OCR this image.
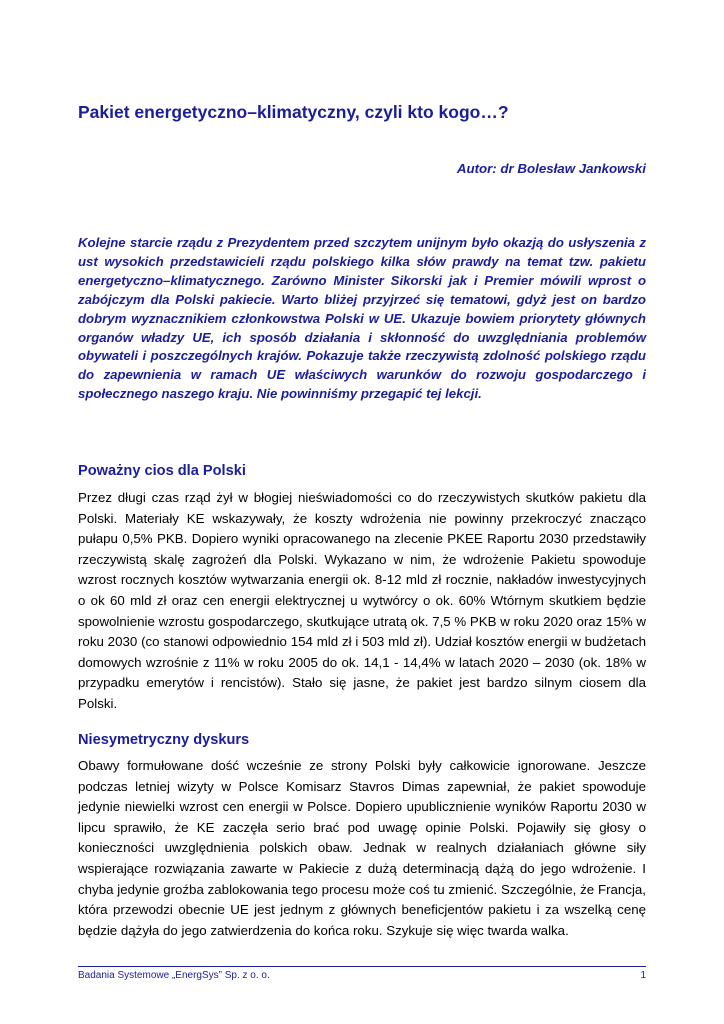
Pakiet energetyczno–klimatyczny, czyli kto kogo…?

Autor: dr Bolesław Jankowski

Kolejne starcie rządu z Prezydentem przed szczytem unijnym było okazją do usłyszenia z ust wysokich przedstawicieli rządu polskiego kilka słów prawdy na temat tzw. pakietu energetyczno–klimatycznego. Zarówno Minister Sikorski jak i Premier mówili wprost o zabójczym dla Polski pakiecie. Warto bliżej przyjrzeć się tematowi, gdyż jest on bardzo dobrym wyznacznikiem członkowstwa Polski w UE. Ukazuje bowiem priorytety głównych organów władzy UE, ich sposób działania i skłonność do uwzględniania problemów obywateli i poszczególnych krajów. Pokazuje także rzeczywistą zdolność polskiego rządu do zapewnienia w ramach UE właściwych warunków do rozwoju gospodarczego i społecznego naszego kraju. Nie powinniśmy przegapić tej lekcji.

Poważny cios dla Polski

Przez długi czas rząd żył w błogiej nieświadomości co do rzeczywistych skutków pakietu dla Polski. Materiały KE wskazywały, że koszty wdrożenia nie powinny przekroczyć znacząco pułapu 0,5% PKB. Dopiero wyniki opracowanego na zlecenie PKEE Raportu 2030 przedstawiły rzeczywistą skalę zagrożeń dla Polski. Wykazano w nim, że wdrożenie Pakietu spowoduje wzrost rocznych kosztów wytwarzania energii ok. 8-12 mld zł rocznie, nakładów inwestycyjnych o ok 60 mld zł oraz cen energii elektrycznej u wytwórcy o ok. 60% Wtórnym skutkiem będzie spowolnienie wzrostu gospodarczego, skutkujące utratą ok. 7,5 % PKB w roku 2020 oraz 15% w roku 2030 (co stanowi odpowiednio 154 mld zł i 503 mld zł). Udział kosztów energii w budżetach domowych wzrośnie z 11% w roku 2005 do ok. 14,1 - 14,4% w latach 2020 – 2030 (ok. 18% w przypadku emerytów i rencistów). Stało się jasne, że pakiet jest bardzo silnym ciosem dla Polski.

Niesymetryczny dyskurs

Obawy formułowane dość wcześnie ze strony Polski były całkowicie ignorowane. Jeszcze podczas letniej wizyty w Polsce Komisarz Stavros Dimas zapewniał, że pakiet spowoduje jedynie niewielki wzrost cen energii w Polsce. Dopiero upublicznienie wyników Raportu 2030 w lipcu sprawiło, że KE zaczęła serio brać pod uwagę opinie Polski. Pojawiły się głosy o konieczności uwzględnienia polskich obaw. Jednak w realnych działaniach główne siły wspierające rozwiązania zawarte w Pakiecie z dużą determinacją dążą do jego wdrożenie. I chyba jedynie groźba zablokowania tego procesu może coś tu zmienić. Szczególnie, że Francja, która przewodzi obecnie UE jest jednym z głównych beneficjentów pakietu i za wszelką cenę będzie dążyła do jego zatwierdzenia do końca roku. Szykuje się więc twarda walka.

Badania Systemowe „EnergSys” Sp. z o. o.	1
